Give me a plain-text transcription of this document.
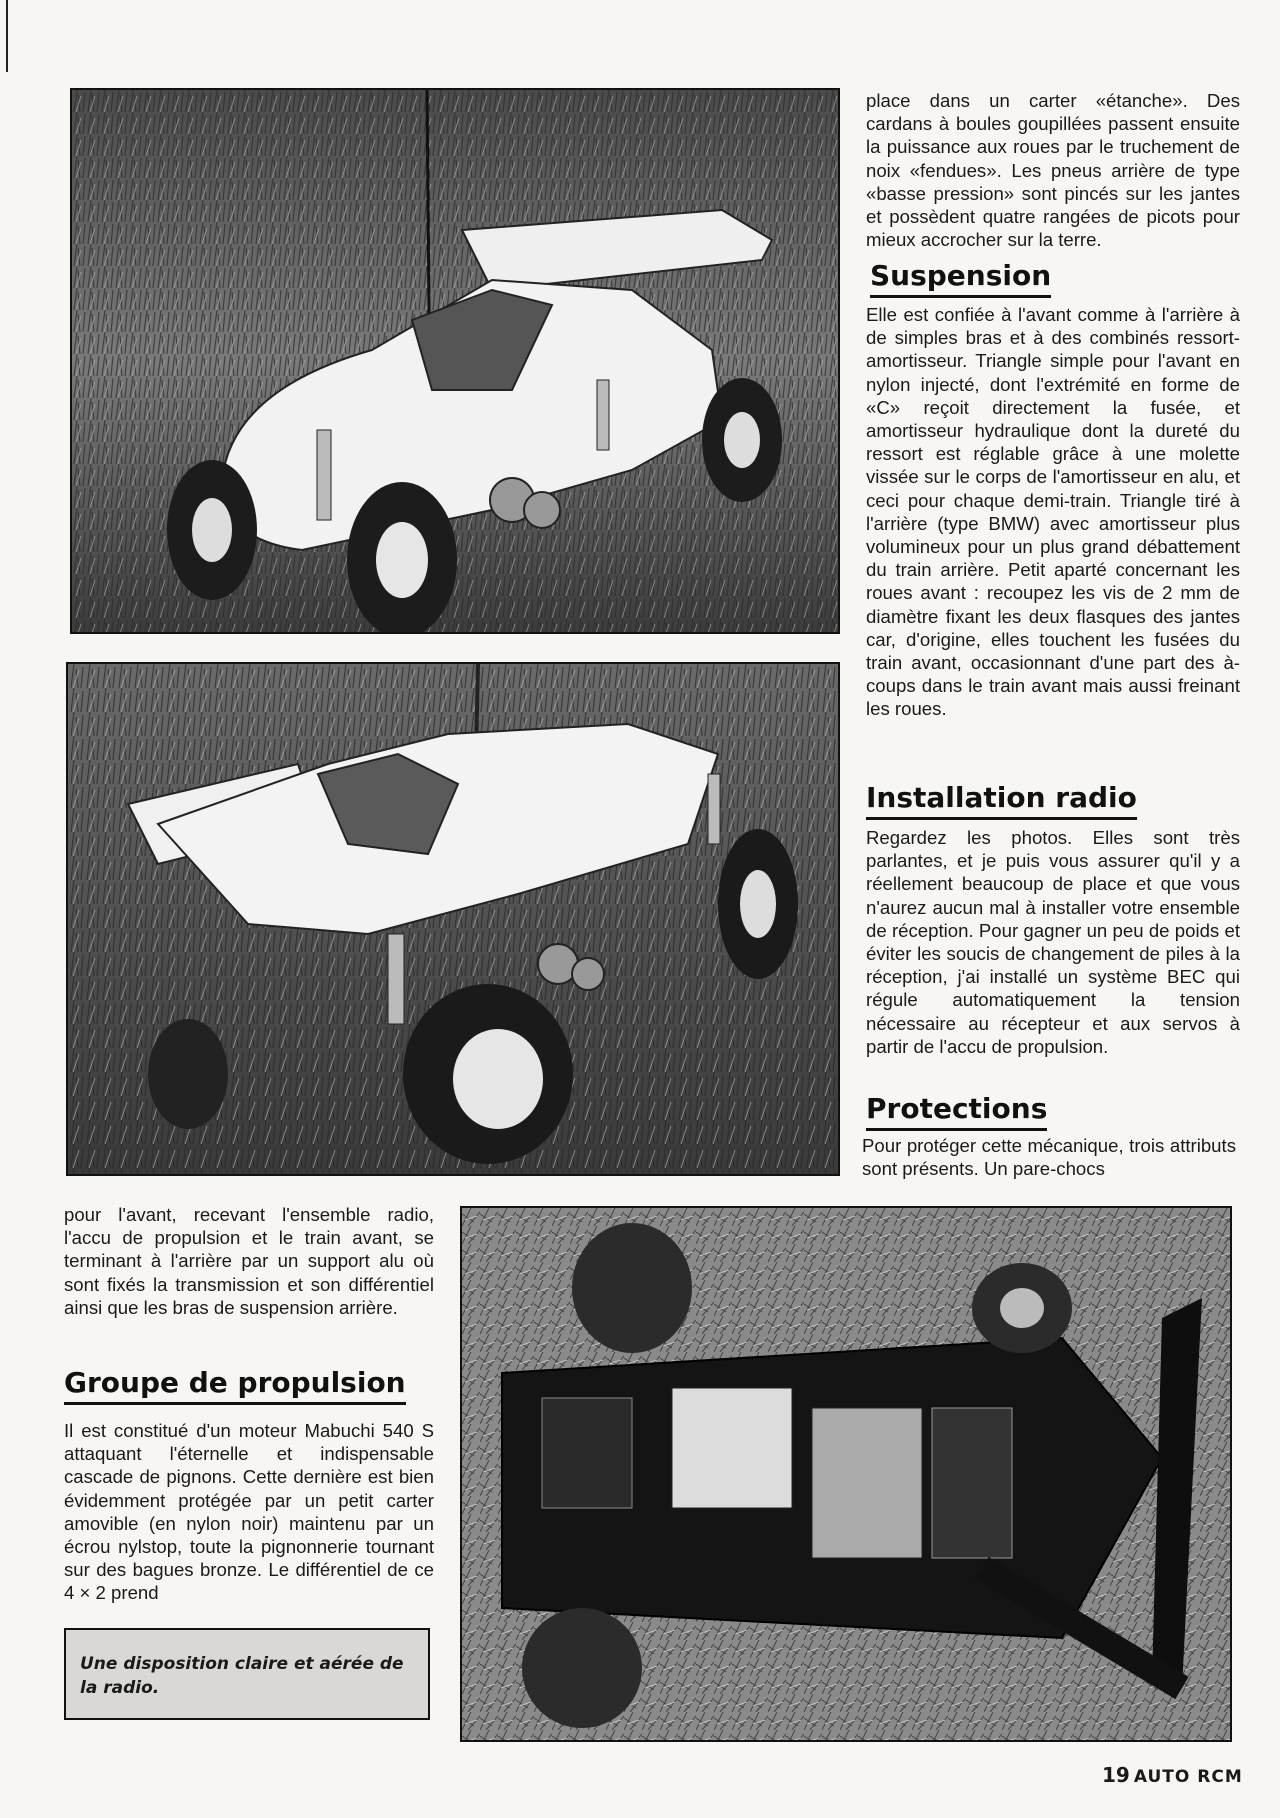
place dans un carter «étanche». Des cardans à boules goupillées passent ensuite la puissance aux roues par le truchement de noix «fendues». Les pneus arrière de type «basse pression» sont pincés sur les jantes et possèdent quatre rangées de picots pour mieux accrocher sur la terre.

Suspension

Elle est confiée à l'avant comme à l'arrière à de simples bras et à des combinés ressort-amortisseur. Triangle simple pour l'avant en nylon injecté, dont l'extrémité en forme de «C» reçoit directement la fusée, et amortisseur hydraulique dont la dureté du ressort est réglable grâce à une molette vissée sur le corps de l'amortisseur en alu, et ceci pour chaque demi-train. Triangle tiré à l'arrière (type BMW) avec amortisseur plus volumineux pour un plus grand débattement du train arrière. Petit aparté concernant les roues avant : recoupez les vis de 2 mm de diamètre fixant les deux flasques des jantes car, d'origine, elles touchent les fusées du train avant, occasionnant d'une part des à-coups dans le train avant mais aussi freinant les roues.

Installation radio

Regardez les photos. Elles sont très parlantes, et je puis vous assurer qu'il y a réellement beaucoup de place et que vous n'aurez aucun mal à installer votre ensemble de réception. Pour gagner un peu de poids et éviter les soucis de changement de piles à la réception, j'ai installé un système BEC qui régule automatiquement la tension nécessaire au récepteur et aux servos à partir de l'accu de propulsion.

Protections

Pour protéger cette mécanique, trois attributs sont présents. Un pare-chocs

pour l'avant, recevant l'ensemble radio, l'accu de propulsion et le train avant, se terminant à l'arrière par un support alu où sont fixés la transmission et son différentiel ainsi que les bras de suspension arrière.

Groupe de propulsion

Il est constitué d'un moteur Mabuchi 540 S attaquant l'éternelle et indispensable cascade de pignons. Cette dernière est bien évidemment protégée par un petit carter amovible (en nylon noir) maintenu par un écrou nylstop, toute la pignonnerie tournant sur des bagues bronze. Le différentiel de ce 4 × 2 prend

Une disposition claire et aérée de la radio.
19 AUTO RCM
